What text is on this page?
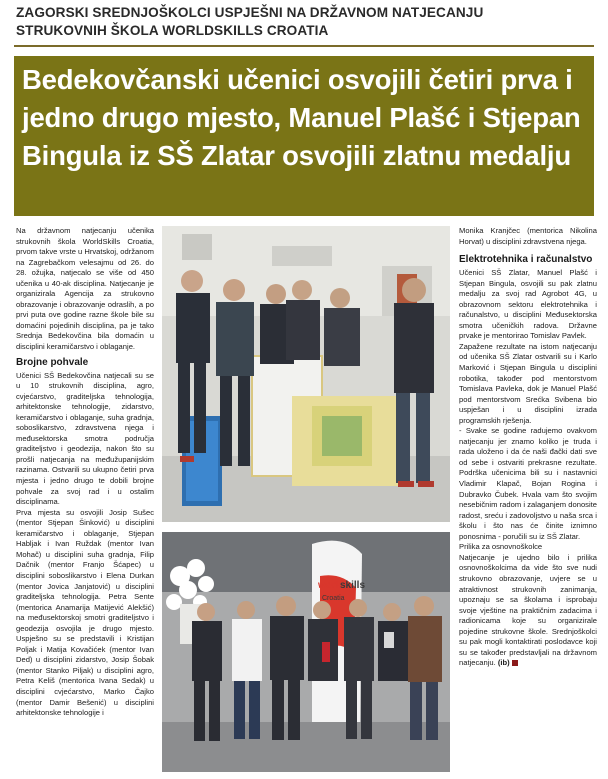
ZAGORSKI SREDNJOŠKOLCI USPJEŠNI NA DRŽAVNOM NATJECANJU STRUKOVNIH ŠKOLA WORLDSKILLS CROATIA
Bedekovčanski učenici osvojili četiri prva i jedno drugo mjesto, Manuel Plašć i Stjepan Bingula iz SŠ Zlatar osvojili zlatnu medalju

Na državnom natjecanju učenika strukovnih škola WorldSkills Croatia, prvom takve vrste u Hrvatskoj, održanom na Zagrebačkom velesajmu od 26. do 28. ožujka, natjecalo se više od 450 učenika u 40-ak disciplina. Natjecanje je organizirala Agencija za strukovno obrazovanje i obrazovanje odraslih, a po prvi puta ove godine razne škole bile su domaćini pojedinih disciplina, pa je tako Srednja Bedekovčina bila domaćin u disciplini keramičarstvo i oblaganje.

Brojne pohvale

Učenici SŠ Bedekovčina natjecali su se u 10 strukovnih disciplina, agro, cvjećarstvo, graditeljska tehnologija, arhitektonske tehnologije, zidarstvo, keramičarstvo i oblaganje, suha gradnja, soboslikarstvo, zdravstvena njega i međusektorska smotra područja graditeljstvo i geodezija, nakon što su prošli natjecanja na međužupanijskim razinama. Ostvarili su ukupno četiri prva mjesta i jedno drugo te dobili brojne pohvale za svoj rad i u ostalim disciplinama.

Prva mjesta su osvojili Josip Sušec (mentor Stjepan Šinković) u disciplini keramičarstvo i oblaganje, Stjepan Habljak i Ivan Ruždak (mentor Ivan Mohač) u disciplini suha gradnja, Filip Dačnik (mentor Franjo Šćapec) u disciplini soboslikarstvo i Elena Durkan (mentor Jovica Janjatović) u disciplini graditeljska tehnologija. Petra Sente (mentorica Anamarija Matijević Alekšić) na međusektorskoj smotri graditeljstvo i geodezija osvojila je drugo mjesto. Uspješno su se predstavili i Kristijan Poljak i Matija Kovačićek (mentor Ivan Ded) u disciplini zidarstvo, Josip Šobak (mentor Stanko Piljak) u disciplini agro, Petra Keliš (mentorica Ivana Sedak) u disciplini cvjećarstvo, Marko Čajko (mentor Damir Bešenić) u disciplini arhitektonske tehnologije i

world
skills
Croatia

Monika Kranjčec (mentorica Nikolina Horvat) u disciplini zdravstvena njega.

Elektrotehnika i računalstvo

Učenici SŠ Zlatar, Manuel Plašć i Stjepan Bingula, osvojili su pak zlatnu medalju za svoj rad Agrobot 4G, u obrazovnom sektoru elektrotehnika i računalstvo, u disciplini Međusektorska smotra učeničkih radova. Državne prvake je mentorirao Tomislav Pavlek.

Zapažene rezultate na istom natjecanju od učenika SŠ Zlatar ostvarili su i Karlo Marković i Stjepan Bingula u disciplini robotika, također pod mentorstvom Tomislava Pavleka, dok je Manuel Plašć pod mentorstvom Srećka Svibena bio uspješan i u disciplini izrada programskih rješenja.

- Svake se godine radujemo ovakvom natjecanju jer znamo koliko je truda i rada uloženo i da će naši đački dati sve od sebe i ostvariti prekrasne rezultate. Podrška učenicima bili su i nastavnici Vladimir Klapač, Bojan Rogina i Dubravko Čubek. Hvala vam što svojim nesebičnim radom i zalaganjem donosite radost, sreću i zadovoljstvo u naša srca i školu i što nas će činite iznimno ponosnima - poručili su iz SŠ Zlatar.

Prilika za osnovnoškolce

Natjecanje je ujedno bilo i prilika osnovnoškolcima da vide što sve nudi strukovno obrazovanje, uvjere se u atraktivnost strukovnih zanimanja, upoznaju se sa školama i isprobaju svoje vještine na praktičnim zadacima i radionicama koje su organizirale pojedine strukovne škole. Srednjoškolci su pak mogli kontaktirati poslodavce koji su se također predstavljali na državnom natjecanju. (ib)
